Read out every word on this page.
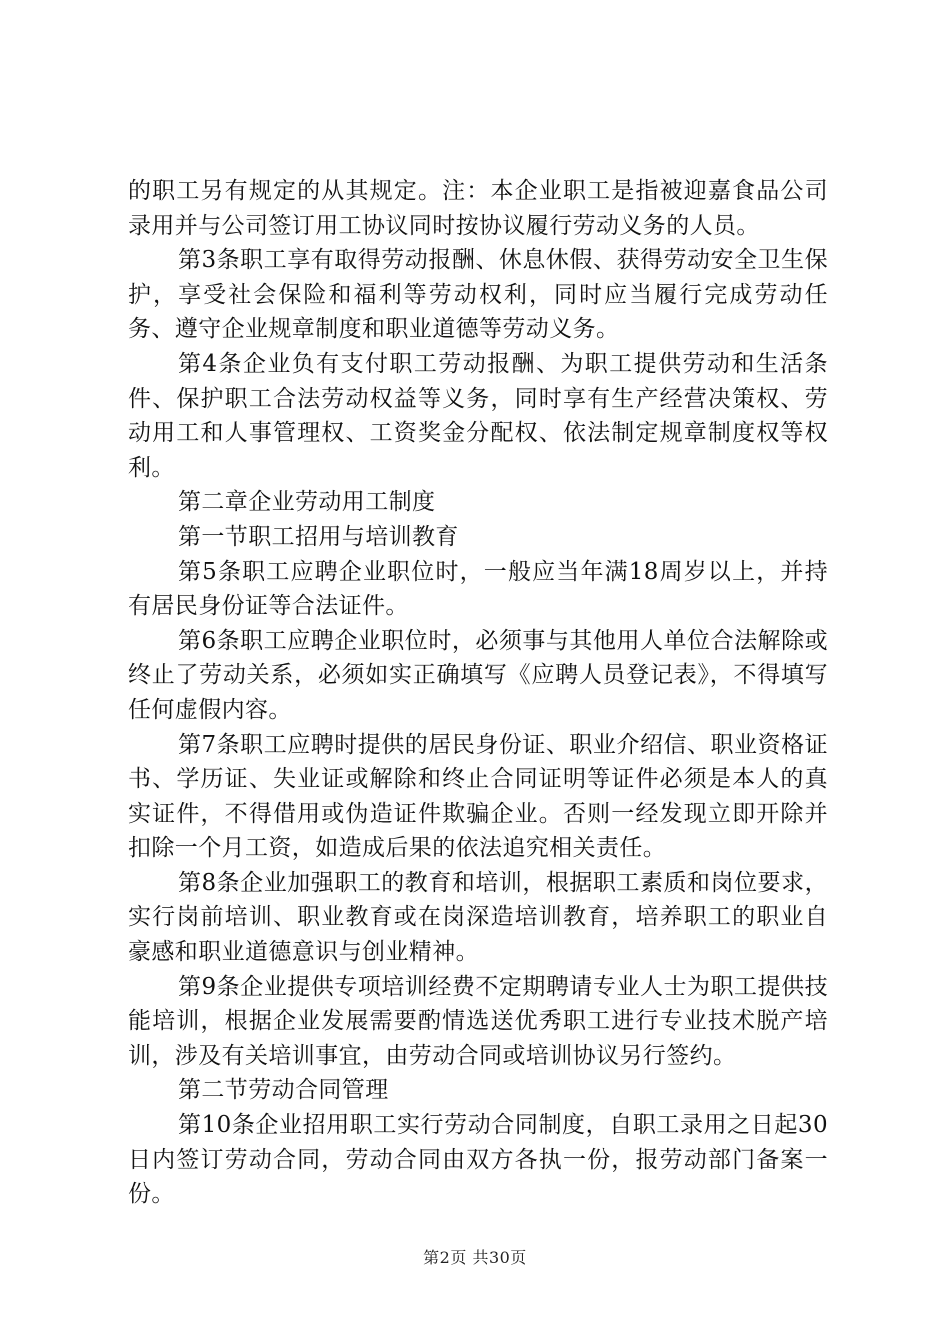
的职工另有规定的从其规定。注：本企业职工是指被迎嘉食品公司录用并与公司签订用工协议同时按协议履行劳动义务的人员。

第3条职工享有取得劳动报酬、休息休假、获得劳动安全卫生保护，享受社会保险和福利等劳动权利，同时应当履行完成劳动任务、遵守企业规章制度和职业道德等劳动义务。

第4条企业负有支付职工劳动报酬、为职工提供劳动和生活条件、保护职工合法劳动权益等义务，同时享有生产经营决策权、劳动用工和人事管理权、工资奖金分配权、依法制定规章制度权等权利。

第二章企业劳动用工制度

第一节职工招用与培训教育

第5条职工应聘企业职位时，一般应当年满18周岁以上，并持有居民身份证等合法证件。

第6条职工应聘企业职位时，必须事与其他用人单位合法解除或终止了劳动关系，必须如实正确填写《应聘人员登记表》，不得填写任何虚假内容。

第7条职工应聘时提供的居民身份证、职业介绍信、职业资格证书、学历证、失业证或解除和终止合同证明等证件必须是本人的真实证件，不得借用或伪造证件欺骗企业。否则一经发现立即开除并扣除一个月工资，如造成后果的依法追究相关责任。

第8条企业加强职工的教育和培训，根据职工素质和岗位要求，实行岗前培训、职业教育或在岗深造培训教育，培养职工的职业自豪感和职业道德意识与创业精神。

第9条企业提供专项培训经费不定期聘请专业人士为职工提供技能培训，根据企业发展需要酌情选送优秀职工进行专业技术脱产培训，涉及有关培训事宜，由劳动合同或培训协议另行签约。

第二节劳动合同管理

第10条企业招用职工实行劳动合同制度，自职工录用之日起30日内签订劳动合同，劳动合同由双方各执一份，报劳动部门备案一份。

第2页 共30页
